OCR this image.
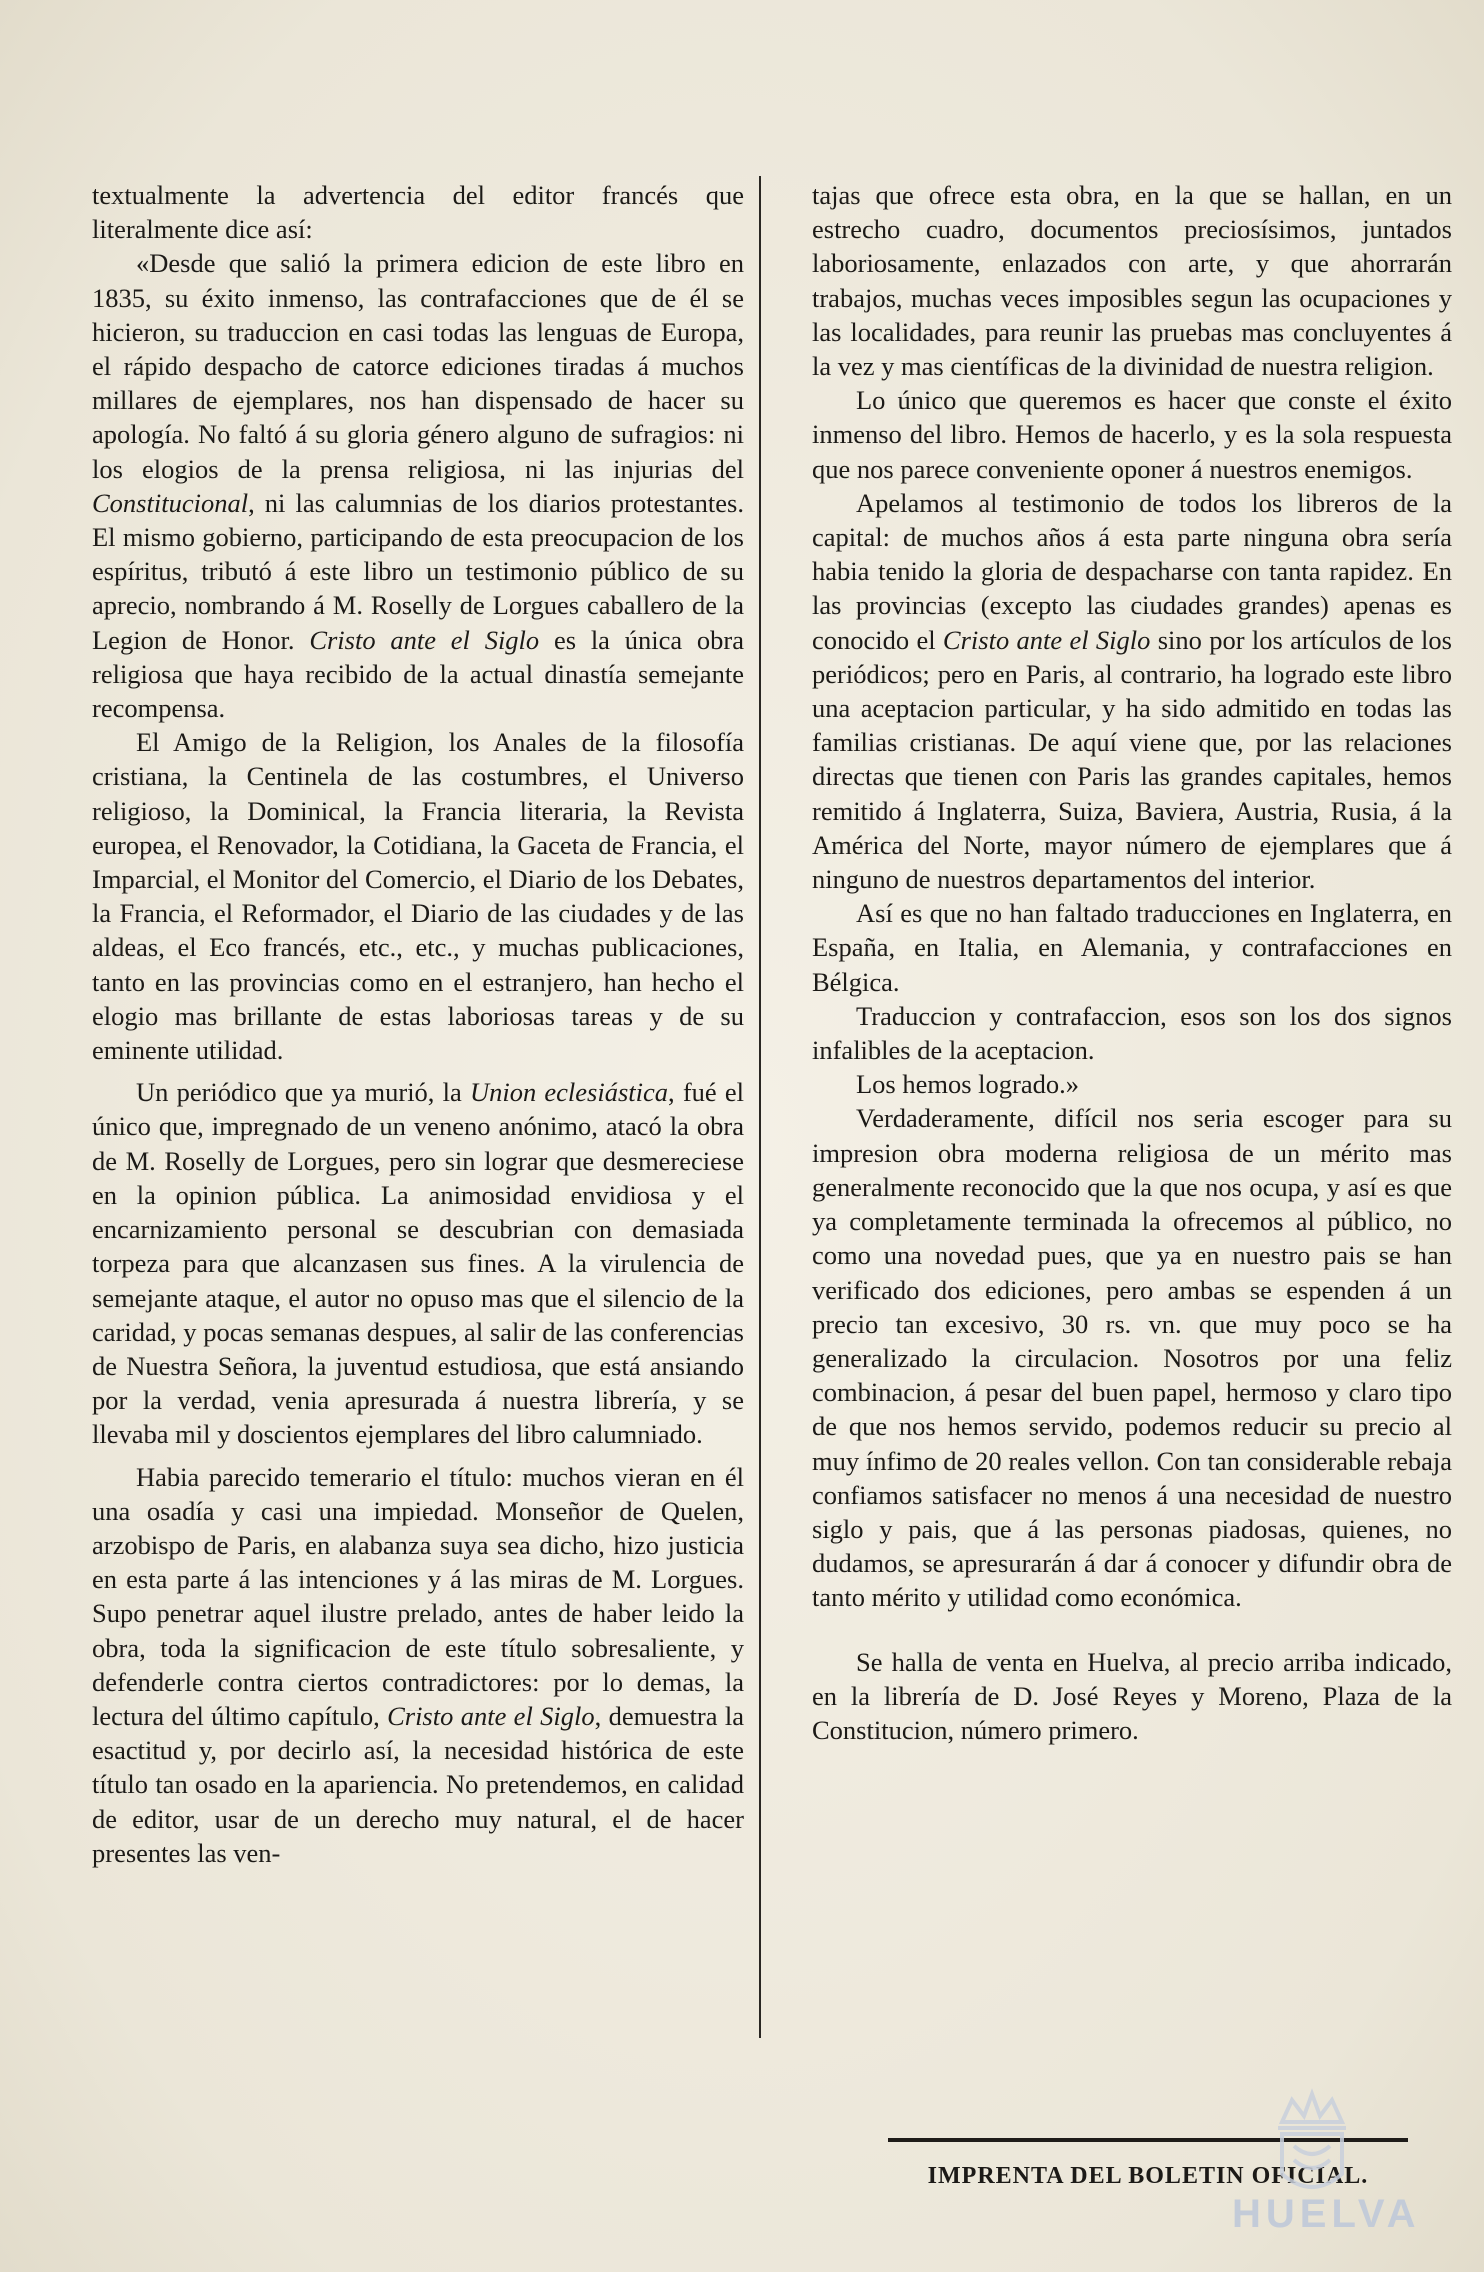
textualmente la advertencia del editor francés que literalmente dice así:

«Desde que salió la primera edicion de este libro en 1835, su éxito inmenso, las contrafacciones que de él se hicieron, su traduccion en casi todas las lenguas de Europa, el rápido despacho de catorce ediciones tiradas á muchos millares de ejemplares, nos han dispensado de hacer su apología. No faltó á su gloria género alguno de sufragios: ni los elogios de la prensa religiosa, ni las injurias del Constitucional, ni las calumnias de los diarios protestantes. El mismo gobierno, participando de esta preocupacion de los espíritus, tributó á este libro un testimonio público de su aprecio, nombrando á M. Roselly de Lorgues caballero de la Legion de Honor. Cristo ante el Siglo es la única obra religiosa que haya recibido de la actual dinastía semejante recompensa.

El Amigo de la Religion, los Anales de la filosofía cristiana, la Centinela de las costumbres, el Universo religioso, la Dominical, la Francia literaria, la Revista europea, el Renovador, la Cotidiana, la Gaceta de Francia, el Imparcial, el Monitor del Comercio, el Diario de los Debates, la Francia, el Reformador, el Diario de las ciudades y de las aldeas, el Eco francés, etc., etc., y muchas publicaciones, tanto en las provincias como en el estranjero, han hecho el elogio mas brillante de estas laboriosas tareas y de su eminente utilidad.

Un periódico que ya murió, la Union eclesiástica, fué el único que, impregnado de un veneno anónimo, atacó la obra de M. Roselly de Lorgues, pero sin lograr que desmereciese en la opinion pública. La animosidad envidiosa y el encarnizamiento personal se descubrian con demasiada torpeza para que alcanzasen sus fines. A la virulencia de semejante ataque, el autor no opuso mas que el silencio de la caridad, y pocas semanas despues, al salir de las conferencias de Nuestra Señora, la juventud estudiosa, que está ansiando por la verdad, venia apresurada á nuestra librería, y se llevaba mil y doscientos ejemplares del libro calumniado.

Habia parecido temerario el título: muchos vieran en él una osadía y casi una impiedad. Monseñor de Quelen, arzobispo de Paris, en alabanza suya sea dicho, hizo justicia en esta parte á las intenciones y á las miras de M. Lorgues. Supo penetrar aquel ilustre prelado, antes de haber leido la obra, toda la significacion de este título sobresaliente, y defenderle contra ciertos contradictores: por lo demas, la lectura del último capítulo, Cristo ante el Siglo, demuestra la esactitud y, por decirlo así, la necesidad histórica de este título tan osado en la apariencia. No pretendemos, en calidad de editor, usar de un derecho muy natural, el de hacer presentes las ven-

tajas que ofrece esta obra, en la que se hallan, en un estrecho cuadro, documentos preciosísimos, juntados laboriosamente, enlazados con arte, y que ahorrarán trabajos, muchas veces imposibles segun las ocupaciones y las localidades, para reunir las pruebas mas concluyentes á la vez y mas científicas de la divinidad de nuestra religion.

Lo único que queremos es hacer que conste el éxito inmenso del libro. Hemos de hacerlo, y es la sola respuesta que nos parece conveniente oponer á nuestros enemigos.

Apelamos al testimonio de todos los libreros de la capital: de muchos años á esta parte ninguna obra sería habia tenido la gloria de despacharse con tanta rapidez. En las provincias (excepto las ciudades grandes) apenas es conocido el Cristo ante el Siglo sino por los artículos de los periódicos; pero en Paris, al contrario, ha logrado este libro una aceptacion particular, y ha sido admitido en todas las familias cristianas. De aquí viene que, por las relaciones directas que tienen con Paris las grandes capitales, hemos remitido á Inglaterra, Suiza, Baviera, Austria, Rusia, á la América del Norte, mayor número de ejemplares que á ninguno de nuestros departamentos del interior.

Así es que no han faltado traducciones en Inglaterra, en España, en Italia, en Alemania, y contrafacciones en Bélgica.

Traduccion y contrafaccion, esos son los dos signos infalibles de la aceptacion.

Los hemos logrado.»

Verdaderamente, difícil nos seria escoger para su impresion obra moderna religiosa de un mérito mas generalmente reconocido que la que nos ocupa, y así es que ya completamente terminada la ofrecemos al público, no como una novedad pues, que ya en nuestro pais se han verificado dos ediciones, pero ambas se espenden á un precio tan excesivo, 30 rs. vn. que muy poco se ha generalizado la circulacion. Nosotros por una feliz combinacion, á pesar del buen papel, hermoso y claro tipo de que nos hemos servido, podemos reducir su precio al muy ínfimo de 20 reales vellon. Con tan considerable rebaja confiamos satisfacer no menos á una necesidad de nuestro siglo y pais, que á las personas piadosas, quienes, no dudamos, se apresurarán á dar á conocer y difundir obra de tanto mérito y utilidad como económica.

Se halla de venta en Huelva, al precio arriba indicado, en la librería de D. José Reyes y Moreno, Plaza de la Constitucion, número primero.

IMPRENTA DEL BOLETIN OFICIAL.
HUELVA
